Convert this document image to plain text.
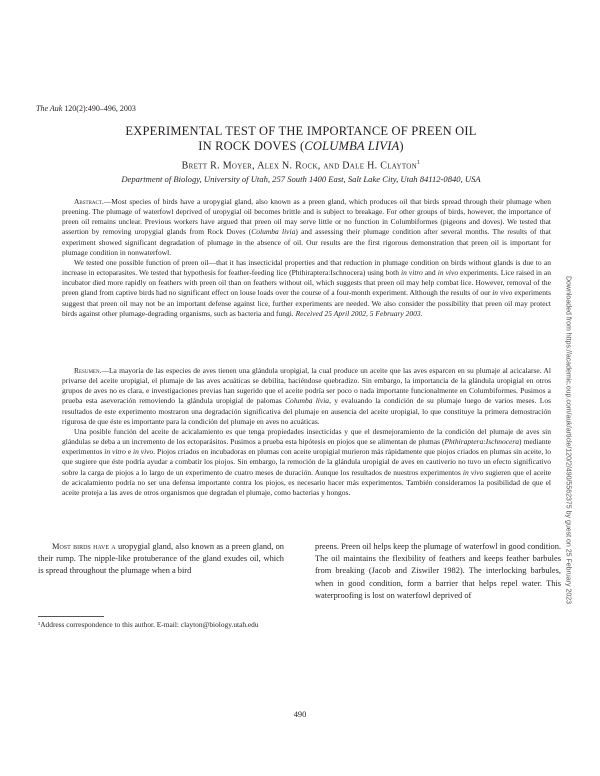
The Auk 120(2):490–496, 2003
EXPERIMENTAL TEST OF THE IMPORTANCE OF PREEN OIL
IN ROCK DOVES (COLUMBA LIVIA)
Brett R. Moyer, Alex N. Rock, and Dale H. Clayton$^1$
Department of Biology, University of Utah, 257 South 1400 East, Salt Lake City, Utah 84112-0840, USA

Abstract.—Most species of birds have a uropygial gland, also known as a preen gland, which produces oil that birds spread through their plumage when preening. The plumage of waterfowl deprived of uropygial oil becomes brittle and is subject to breakage. For other groups of birds, however, the importance of preen oil remains unclear. Previous workers have argued that preen oil may serve little or no function in Columbiformes (pigeons and doves). We tested that assertion by removing uropygial glands from Rock Doves (Columba livia) and assessing their plumage condition after several months. The results of that experiment showed significant degradation of plumage in the absence of oil. Our results are the first rigorous demonstration that preen oil is important for plumage condition in nonwaterfowl.

We tested one possible function of preen oil—that it has insecticidal properties and that reduction in plumage condition on birds without glands is due to an increase in ectoparasites. We tested that hypothesis for feather-feeding lice (Phthiraptera:Ischnocera) using both in vitro and in vivo experiments. Lice raised in an incubator died more rapidly on feathers with preen oil than on feathers without oil, which suggests that preen oil may help combat lice. However, removal of the preen gland from captive birds had no significant effect on louse loads over the course of a four-month experiment. Although the results of our in vivo experiments suggest that preen oil may not be an important defense against lice, further experiments are needed. We also consider the possibility that preen oil may protect birds against other plumage-degrading organisms, such as bacteria and fungi. Received 25 April 2002, 5 February 2003.

Resumen.—La mayoría de las especies de aves tienen una glándula uropigial, la cual produce un aceite que las aves esparcen en su plumaje al acicalarse. Al privarse del aceite uropigial, el plumaje de las aves acuáticas se debilita, haciéndose quebradizo. Sin embargo, la importancia de la glándula uropigial en otros grupos de aves no es clara, e investigaciones previas han sugerido que el aceite podría ser poco o nada importante funcionalmente en Columbiformes. Pusimos a prueba esta aseveración removiendo la glándula uropigial de palomas Columba livia, y evaluando la condición de su plumaje luego de varios meses. Los resultados de este experimento mostraron una degradación significativa del plumaje en ausencia del aceite uropigial, lo que constituye la primera demostración rigurosa de que éste es importante para la condición del plumaje en aves no acuáticas.

Una posible función del aceite de acicalamiento es que tenga propiedades insecticidas y que el desmejoramiento de la condición del plumaje de aves sin glándulas se deba a un incremento de los ectoparásitos. Pusimos a prueba esta hipótesis en piojos que se alimentan de plumas (Phthiraptera:Ischnocera) mediante experimentos in vitro e in vivo. Piojos criados en incubadoras en plumas con aceite uropigial murieron más rápidamente que piojos criados en plumas sin aceite, lo que sugiere que éste podría ayudar a combatir los piojos. Sin embargo, la remoción de la glándula uropigial de aves en cautiverio no tuvo un efecto significativo sobre la carga de piojos a lo largo de un experimento de cuatro meses de duración. Aunque los resultados de nuestros experimentos in vivo sugieren que el aceite de acicalamiento podría no ser una defensa importante contra los piojos, es necesario hacer más experimentos. También consideramos la posibilidad de que el aceite proteja a las aves de otros organismos que degradan el plumaje, como bacterias y hongos.

Most birds have a uropygial gland, also known as a preen gland, on their rump. The nipple-like protuberance of the gland exudes oil, which is spread throughout the plumage when a bird

preens. Preen oil helps keep the plumage of waterfowl in good condition. The oil maintains the flexibility of feathers and keeps feather barbules from breaking (Jacob and Ziswiler 1982). The interlocking barbules, when in good condition, form a barrier that helps repel water. This waterproofing is lost on waterfowl deprived of

¹Address correspondence to this author. E-mail: clayton@biology.utah.edu
490
Downloaded from https://academic.oup.com/auk/article/120/2/490/5562375 by guest on 25 February 2023
